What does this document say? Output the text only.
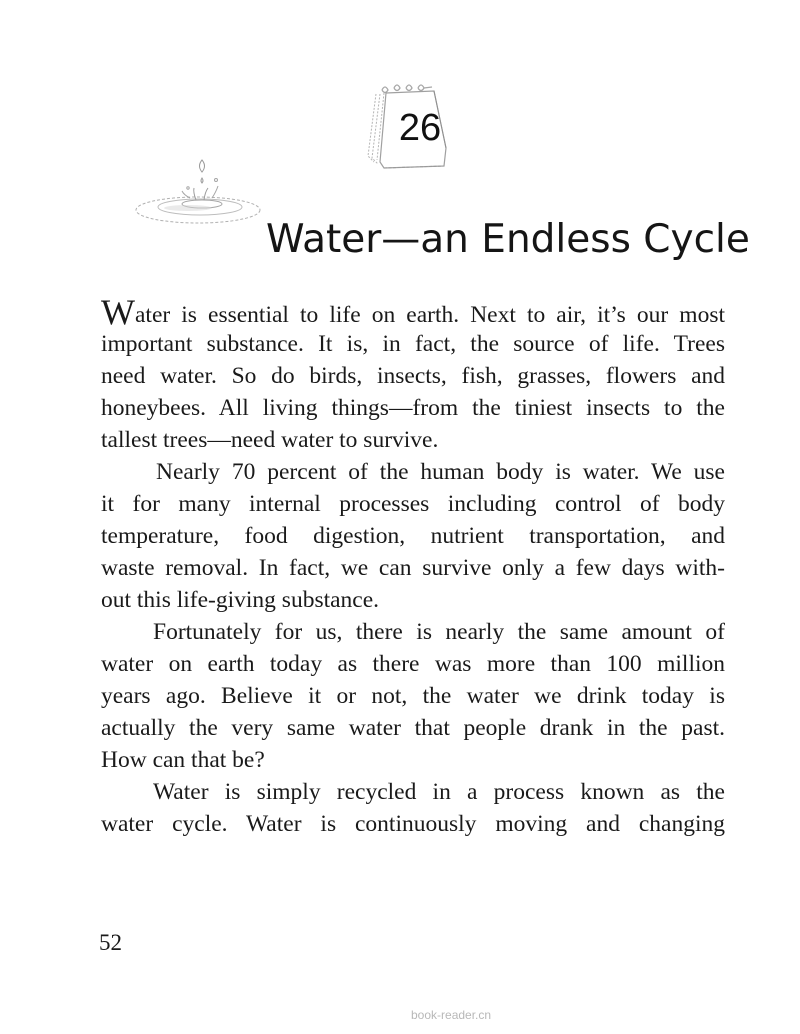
26
Water—an Endless Cycle
Water is essential to life on earth. Next to air, it’s our most
important substance. It is, in fact, the source of life. Trees
need water. So do birds, insects, fish, grasses, flowers and
honeybees. All living things—from the tiniest insects to the
tallest trees—need water to survive.
Nearly 70 percent of the human body is water. We use
it for many internal processes including control of body
temperature, food digestion, nutrient transportation, and
waste removal. In fact, we can survive only a few days with-
out this life-giving substance.
Fortunately for us, there is nearly the same amount of
water on earth today as there was more than 100 million
years ago. Believe it or not, the water we drink today is
actually the very same water that people drank in the past.
How can that be?
Water is simply recycled in a process known as the
water cycle. Water is continuously moving and changing
52
book-reader.cn
